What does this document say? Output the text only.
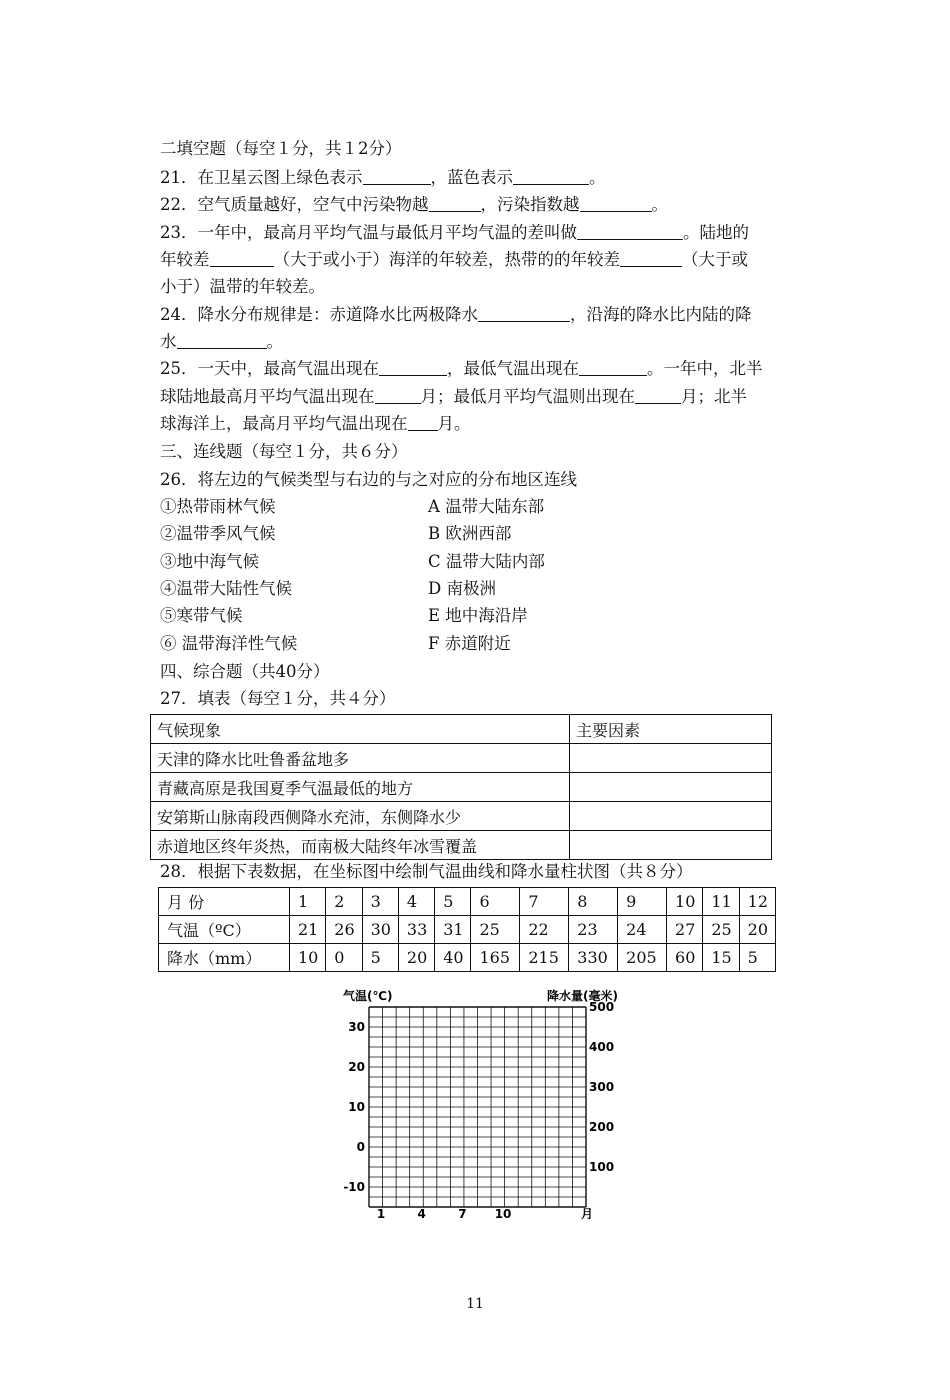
二填空题（每空１分，共１2分）
21．在卫星云图上绿色表示	，蓝色表示	。
22．空气质量越好，空气中污染物越	，污染指数越	。
23．一年中，最高月平均气温与最低月平均气温的差叫做	。陆地的
年较差	（大于或小于）海洋的年较差，热带的的年较差	（大于或
小于）温带的年较差。
24．降水分布规律是：赤道降水比两极降水	，沿海的降水比内陆的降
水	。
25．一天中，最高气温出现在	，最低气温出现在	。一年中，北半
球陆地最高月平均气温出现在	月；最低月平均气温则出现在	月；北半
球海洋上，最高月平均气温出现在 月。
三、连线题（每空１分，共６分）
26．将左边的气候类型与右边的与之对应的分布地区连线
①热带雨林气候	A 温带大陆东部
②温带季风气候	B 欧洲西部
③地中海气候	C 温带大陆内部
④温带大陆性气候	D 南极洲
⑤寒带气候	E 地中海沿岸
⑥ 温带海洋性气候	F 赤道附近
四、综合题（共40分）
27．填表（每空１分，共４分）
气候现象	主要因素
天津的降水比吐鲁番盆地多	
青藏高原是我国夏季气温最低的地方	
安第斯山脉南段西侧降水充沛，东侧降水少	
赤道地区终年炎热，而南极大陆终年冰雪覆盖	
28．根据下表数据，在坐标图中绘制气温曲线和降水量柱状图（共８分）
月 份	1	2	3	4	5	6	7	8	9	10	11	12
气温（ºC）	21	26	30	33	31	25	22	23	24	27	25	20
降水（mm）	10	0	5	20	40	165	215	330	205	60	15	5
气温(℃)	降水量(毫米)
30
20
10
0
-10
500
400
300
200
100
1	4	7 10	月
11
